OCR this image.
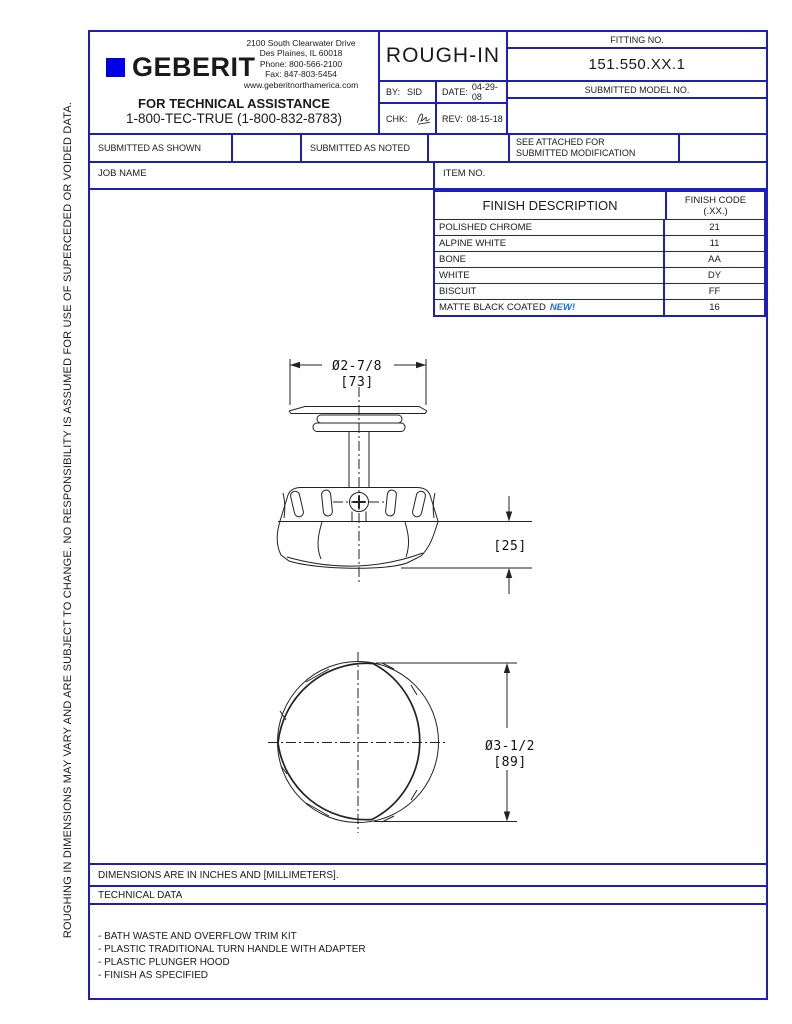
ROUGHING IN DIMENSIONS MAY VARY AND ARE SUBJECT TO CHANGE. NO RESPONSIBILITY IS ASSUMED FOR USE OF SUPERCEDED OR VOIDED DATA.
GEBERIT
2100 South Clearwater Drive
Des Plaines, IL 60018
Phone: 800-566-2100
Fax: 847-803-5454
www.geberitnorthamerica.com
FOR TECHNICAL ASSISTANCE
1-800-TEC-TRUE (1-800-832-8783)
ROUGH-IN
BY: SID DATE: 04-29-08
CHK:	REV: 08-15-18
FITTING NO.
151.550.XX.1
SUBMITTED MODEL NO.
SUBMITTED AS SHOWN	SUBMITTED AS NOTED
SEE ATTACHED FOR
SUBMITTED MODIFICATION
JOB NAME	ITEM NO.
FINISH DESCRIPTION	FINISH CODE
(.XX.)
POLISHED CHROME	21
ALPINE WHITE	11
BONE	AA
WHITE	DY
BISCUIT	FF
MATTE BLACK COATED NEW!	16
Ø2-7/8
[73]
[25]
Ø3-1/2
[89]
DIMENSIONS ARE IN INCHES AND [MILLIMETERS].
TECHNICAL DATA
- BATH WASTE AND OVERFLOW TRIM KIT
- PLASTIC TRADITIONAL TURN HANDLE WITH ADAPTER
- PLASTIC PLUNGER HOOD
- FINISH AS SPECIFIED
